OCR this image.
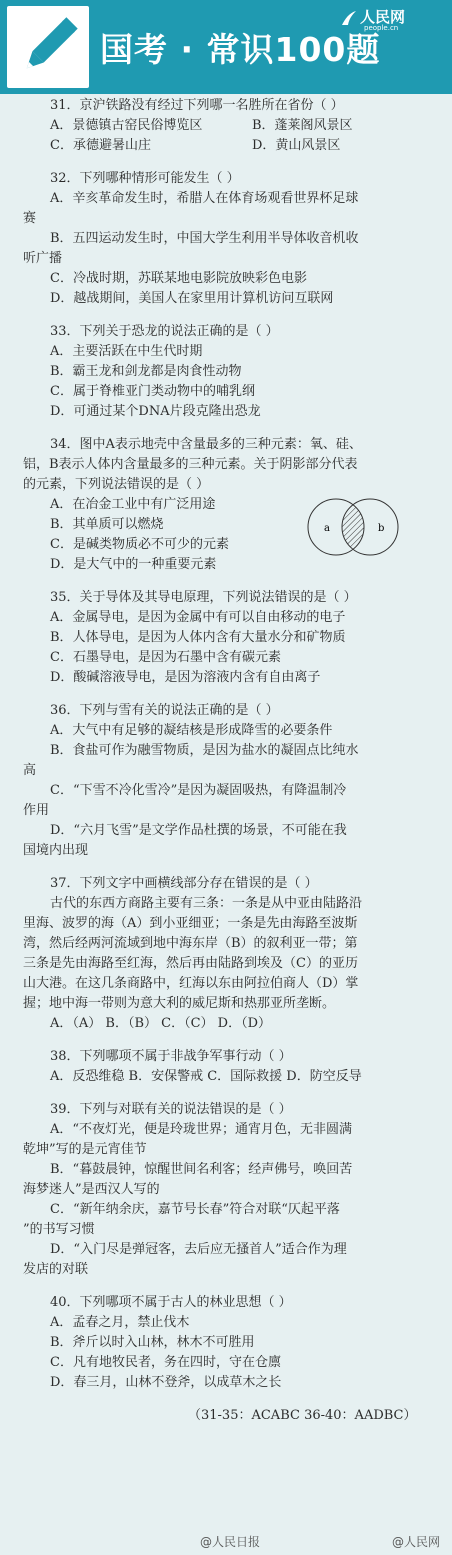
国考 · 常识100题
人民网
people.cn
31．京沪铁路没有经过下列哪一名胜所在省份（ ）
A．景德镇古窑民俗博览区	B．蓬莱阁风景区
C．承德避暑山庄	D．黄山风景区
32．下列哪种情形可能发生（ ）
A．辛亥革命发生时，希腊人在体育场观看世界杯足球
赛
B．五四运动发生时，中国大学生利用半导体收音机收
听广播
C．冷战时期，苏联某地电影院放映彩色电影
D．越战期间，美国人在家里用计算机访问互联网
33．下列关于恐龙的说法正确的是（ ）
A．主要活跃在中生代时期
B．霸王龙和剑龙都是肉食性动物
C．属于脊椎亚门类动物中的哺乳纲
D．可通过某个DNA片段克隆出恐龙
34．图中A表示地壳中含量最多的三种元素：氧、硅、
铝，B表示人体内含量最多的三种元素。关于阴影部分代表
的元素，下列说法错误的是（ ）
A．在冶金工业中有广泛用途
B．其单质可以燃烧
C．是碱类物质必不可少的元素
D．是大气中的一种重要元素
a	b
35．关于导体及其导电原理，下列说法错误的是（ ）
A．金属导电，是因为金属中有可以自由移动的电子
B．人体导电，是因为人体内含有大量水分和矿物质
C．石墨导电，是因为石墨中含有碳元素
D．酸碱溶液导电，是因为溶液内含有自由离子
36．下列与雪有关的说法正确的是（ ）
A．大气中有足够的凝结核是形成降雪的必要条件
B．食盐可作为融雪物质，是因为盐水的凝固点比纯水
高
C．“下雪不冷化雪冷”是因为凝固吸热，有降温制冷
作用
D．“六月飞雪”是文学作品杜撰的场景，不可能在我
国境内出现
37．下列文字中画横线部分存在错误的是（ ）
古代的东西方商路主要有三条：一条是从中亚由陆路沿
里海、波罗的海（A）到小亚细亚；一条是先由海路至波斯
湾，然后经两河流域到地中海东岸（B）的叙利亚一带；第
三条是先由海路至红海，然后再由陆路到埃及（C）的亚历
山大港。在这几条商路中，红海以东由阿拉伯商人（D）掌
握；地中海一带则为意大利的威尼斯和热那亚所垄断。
A．（A） B．（B） C．（C） D．（D）
38．下列哪项不属于非战争军事行动（ ）
A．反恐维稳 B．安保警戒 C．国际救援 D．防空反导
39．下列与对联有关的说法错误的是（ ）
A．“不夜灯光，便是玲珑世界；通宵月色，无非圆满
乾坤”写的是元宵佳节
B．“暮鼓晨钟，惊醒世间名利客；经声佛号，唤回苦
海梦迷人”是西汉人写的
C．“新年纳余庆，嘉节号长春”符合对联“仄起平落
”的书写习惯
D．“入门尽是弹冠客，去后应无搔首人”适合作为理
发店的对联
40．下列哪项不属于古人的林业思想（ ）
A．孟春之月，禁止伐木
B．斧斤以时入山林，林木不可胜用
C．凡有地牧民者，务在四时，守在仓廪
D．春三月，山林不登斧，以成草木之长
（31-35：ACABC 36-40：AADBC）
@人民日报	@人民网
